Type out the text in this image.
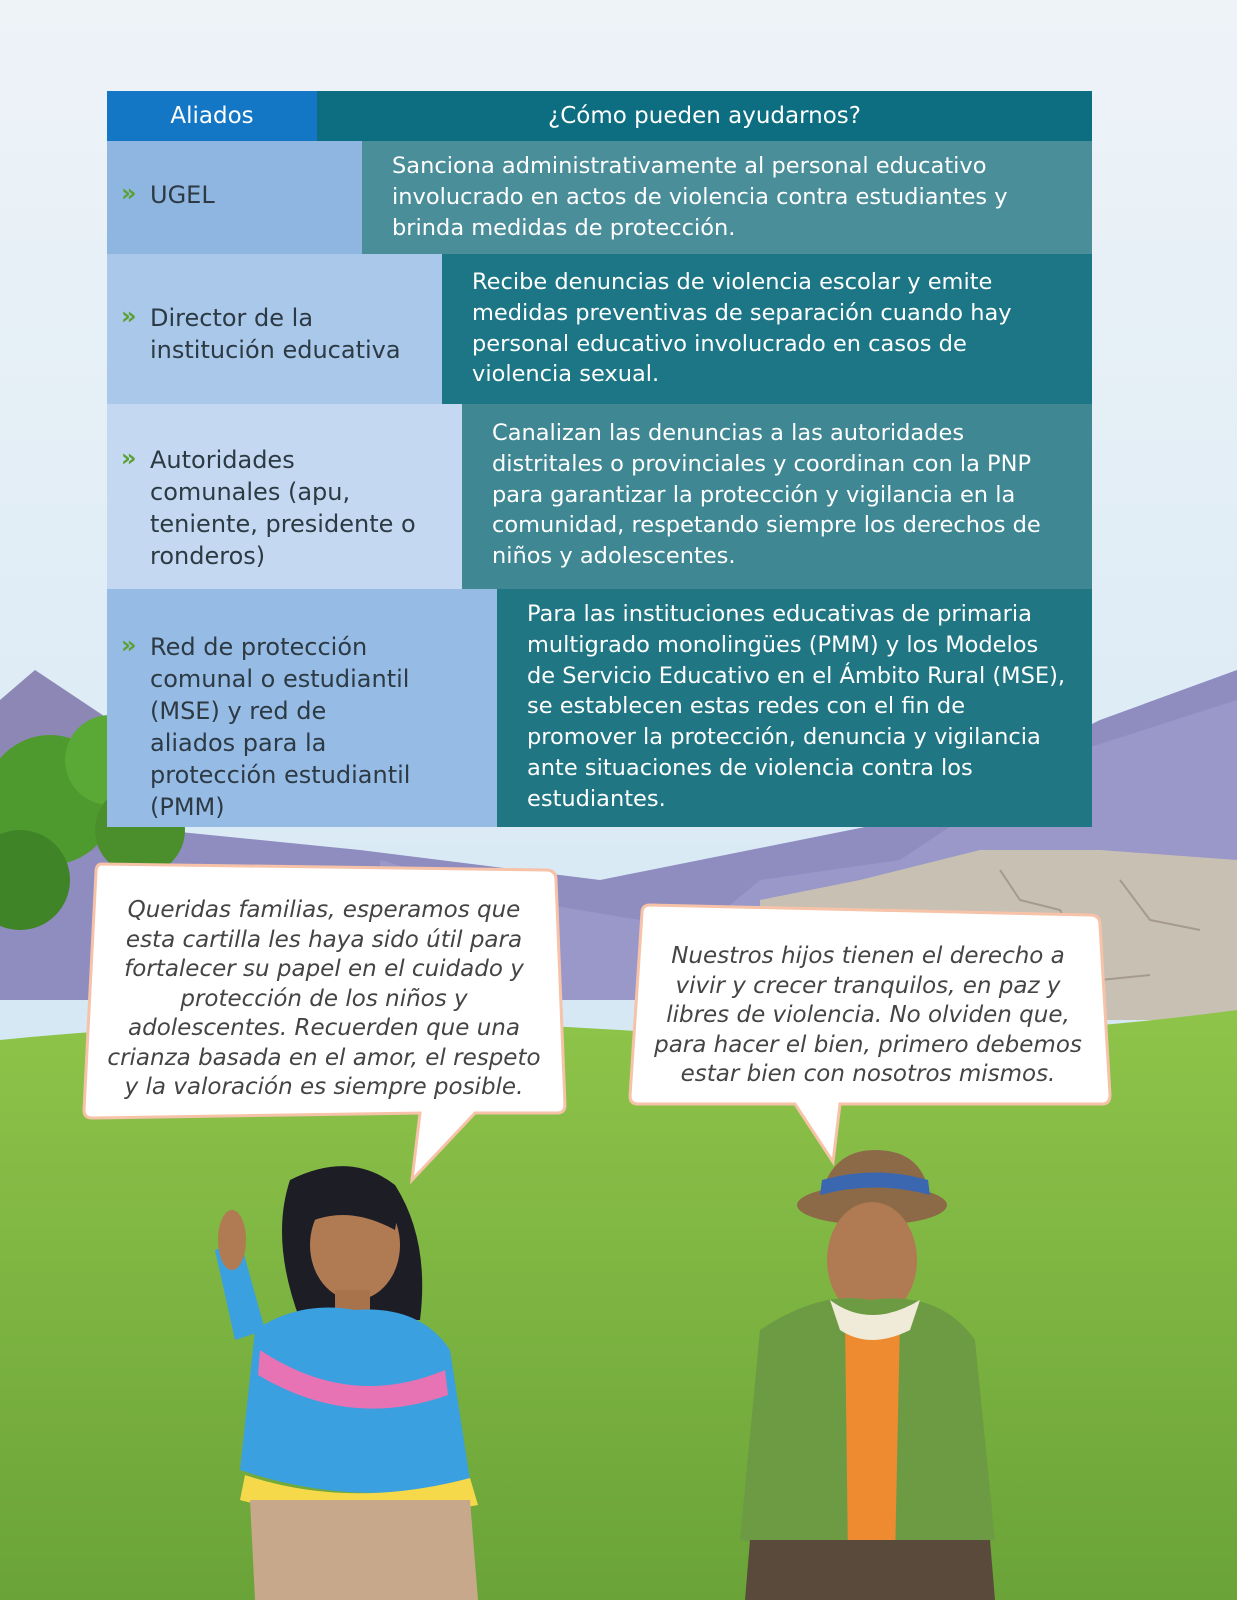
Aliados	¿Cómo pueden ayudarnos?
» UGEL
Sanciona administrativamente al personal educativo involucrado en actos de violencia contra estudiantes y brinda medidas de protección.
» Director de la institución educativa
Recibe denuncias de violencia escolar y emite medidas preventivas de separación cuando hay personal educativo involucrado en casos de violencia sexual.
» Autoridades comunales (apu, teniente, presidente o ronderos)
Canalizan las denuncias a las autoridades distritales o provinciales y coordinan con la PNP para garantizar la protección y vigilancia en la comunidad, respetando siempre los derechos de niños y adolescentes.
» Red de protección comunal o estudiantil (MSE) y red de aliados para la protección estudiantil (PMM)
Para las instituciones educativas de primaria multigrado monolingües (PMM) y los Modelos de Servicio Educativo en el Ámbito Rural (MSE), se establecen estas redes con el fin de promover la protección, denuncia y vigilancia ante situaciones de violencia contra los estudiantes.
Queridas familias, esperamos que esta cartilla les haya sido útil para fortalecer su papel en el cuidado y protección de los niños y adolescentes. Recuerden que una crianza basada en el amor, el respeto y la valoración es siempre posible.
Nuestros hijos tienen el derecho a vivir y crecer tranquilos, en paz y libres de violencia. No olviden que, para hacer el bien, primero debemos estar bien con nosotros mismos.
